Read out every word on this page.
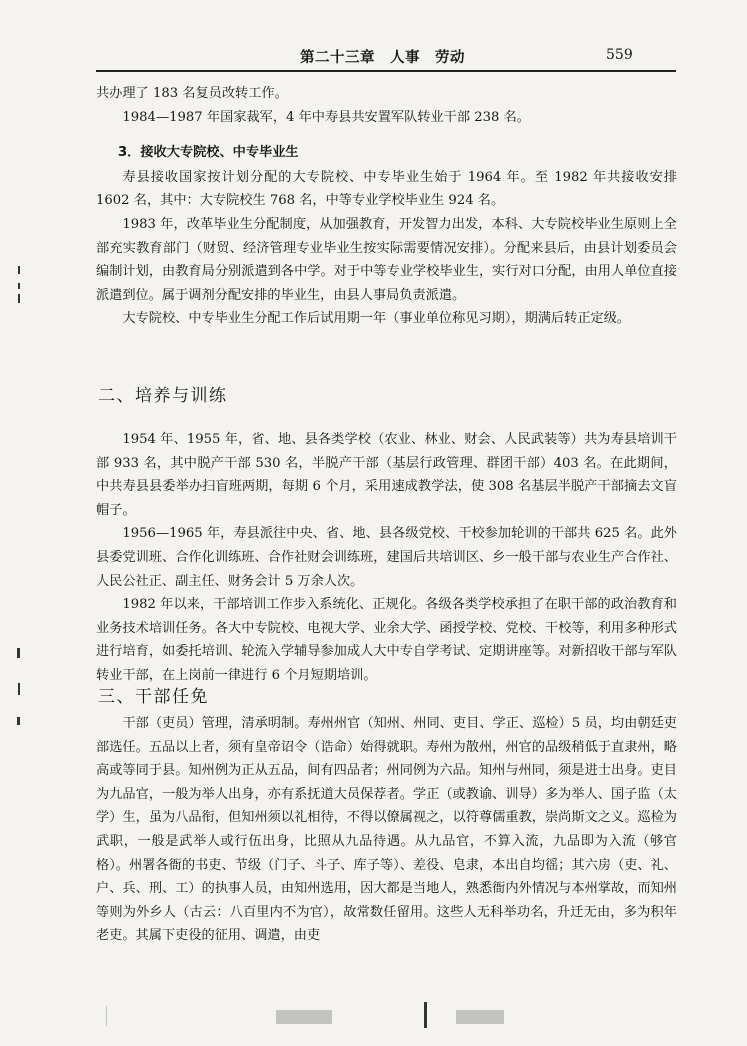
第二十三章　人事　劳动	559

共办理了 183 名复员改转工作。

1984—1987 年国家裁军，4 年中寿县共安置军队转业干部 238 名。

3．接收大专院校、中专毕业生

寿县接收国家按计划分配的大专院校、中专毕业生始于 1964 年。至 1982 年共接收安排 1602 名，其中：大专院校生 768 名，中等专业学校毕业生 924 名。

1983 年，改革毕业生分配制度，从加强教育，开发智力出发，本科、大专院校毕业生原则上全部充实教育部门（财贸、经济管理专业毕业生按实际需要情况安排）。分配来县后，由县计划委员会编制计划，由教育局分别派遣到各中学。对于中等专业学校毕业生，实行对口分配，由用人单位直接派遣到位。属于调剂分配安排的毕业生，由县人事局负责派遣。

大专院校、中专毕业生分配工作后试用期一年（事业单位称见习期），期满后转正定级。

二、培养与训练

1954 年、1955 年，省、地、县各类学校（农业、林业、财会、人民武装等）共为寿县培训干部 933 名，其中脱产干部 530 名，半脱产干部（基层行政管理、群团干部）403 名。在此期间，中共寿县县委举办扫盲班两期，每期 6 个月，采用速成教学法，使 308 名基层半脱产干部摘去文盲帽子。

1956—1965 年，寿县派往中央、省、地、县各级党校、干校参加轮训的干部共 625 名。此外县委党训班、合作化训练班、合作社财会训练班，建国后共培训区、乡一般干部与农业生产合作社、人民公社正、副主任、财务会计 5 万余人次。

1982 年以来，干部培训工作步入系统化、正规化。各级各类学校承担了在职干部的政治教育和业务技术培训任务。各大中专院校、电视大学、业余大学、函授学校、党校、干校等，利用多种形式进行培育，如委托培训、轮流入学辅导参加成人大中专自学考试、定期讲座等。对新招收干部与军队转业干部，在上岗前一律进行 6 个月短期培训。

三、干部任免

干部（吏员）管理，清承明制。寿州州官（知州、州同、吏目、学正、巡检）5 员，均由朝廷吏部选任。五品以上者，须有皇帝诏令（诰命）始得就职。寿州为散州，州官的品级稍低于直隶州，略高或等同于县。知州例为正从五品，间有四品者；州同例为六品。知州与州同，须是进士出身。吏目为九品官，一般为举人出身，亦有系抚道大员保荐者。学正（或教谕、训导）多为举人、国子监（太学）生，虽为八品衔，但知州须以礼相待，不得以僚属视之，以符尊儒重教，崇尚斯文之义。巡检为武职，一般是武举人或行伍出身，比照从九品待遇。从九品官，不算入流，九品即为入流（够官格）。州署各衙的书吏、节级（门子、斗子、库子等）、差役、皂隶，本出自均徭；其六房（吏、礼、户、兵、刑、工）的执事人员，由知州选用，因大都是当地人，熟悉衙内外情况与本州掌故，而知州等则为外乡人（古云：八百里内不为官），故常数任留用。这些人无科举功名，升迁无由，多为积年老吏。其属下吏役的征用、调遣，由吏
